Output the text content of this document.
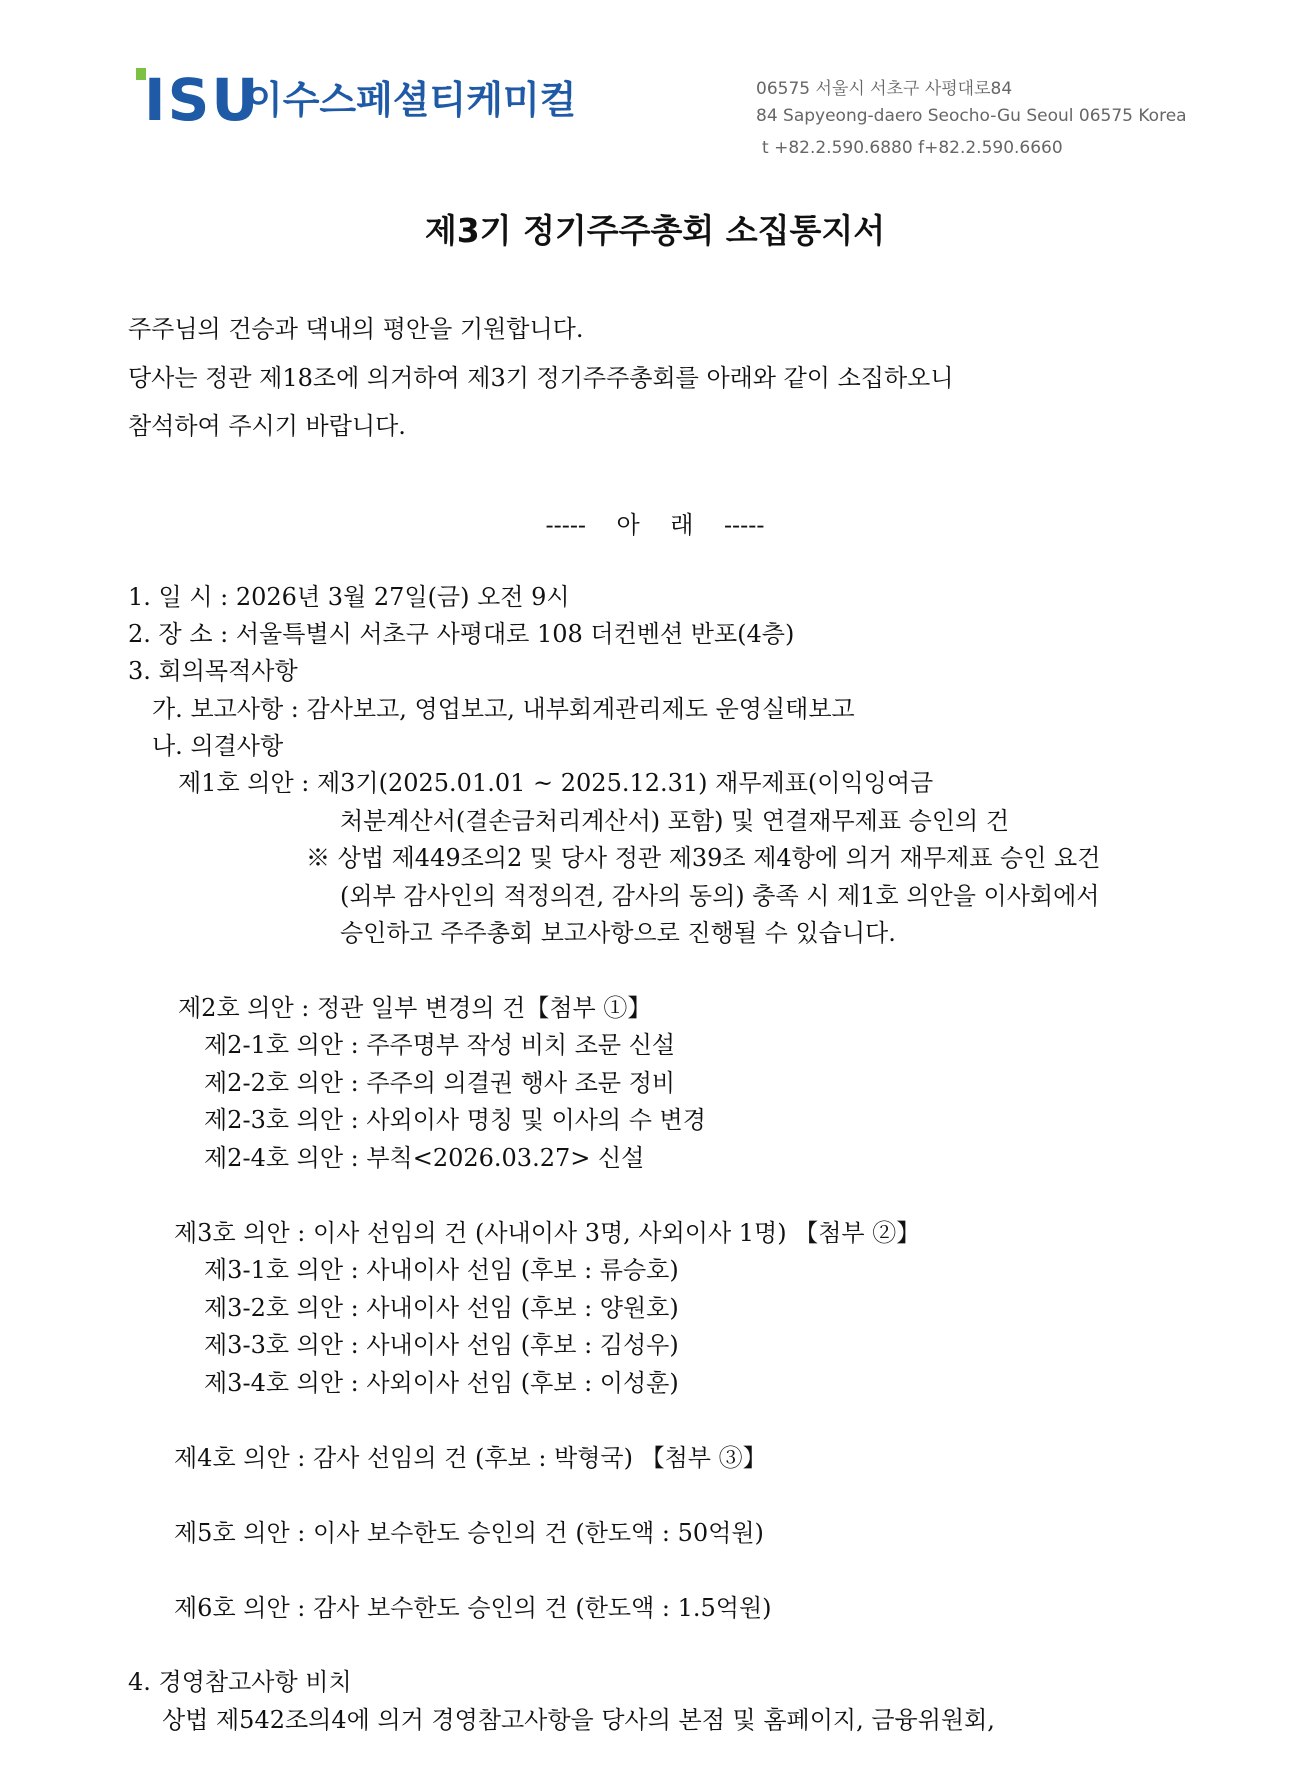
ISU
이수스페셜티케미컬	06575 서울시 서초구 사평대로84
84 Sapyeong-daero Seocho-Gu Seoul 06575 Korea
t +82.2.590.6880 f+82.2.590.6660
제3기 정기주주총회 소집통지서
주주님의 건승과 댁내의 평안을 기원합니다.
당사는 정관 제18조에 의거하여 제3기 정기주주총회를 아래와 같이 소집하오니
참석하여 주시기 바랍니다.
-----    아    래    -----
1. 일 시 : 2026년 3월 27일(금) 오전 9시
2. 장 소 : 서울특별시 서초구 사평대로 108 더컨벤션 반포(4층)
3. 회의목적사항
가. 보고사항 : 감사보고, 영업보고, 내부회계관리제도 운영실태보고
나. 의결사항
제1호 의안 : 제3기(2025.01.01 ~ 2025.12.31) 재무제표(이익잉여금
처분계산서(결손금처리계산서) 포함) 및 연결재무제표 승인의 건
※ 상법 제449조의2 및 당사 정관 제39조 제4항에 의거 재무제표 승인 요건
(외부 감사인의 적정의견, 감사의 동의) 충족 시 제1호 의안을 이사회에서
승인하고 주주총회 보고사항으로 진행될 수 있습니다.
제2호 의안 : 정관 일부 변경의 건【첨부 ①】
제2-1호 의안 : 주주명부 작성 비치 조문 신설
제2-2호 의안 : 주주의 의결권 행사 조문 정비
제2-3호 의안 : 사외이사 명칭 및 이사의 수 변경
제2-4호 의안 : 부칙<2026.03.27> 신설
제3호 의안 : 이사 선임의 건 (사내이사 3명, 사외이사 1명) 【첨부 ②】
제3-1호 의안 : 사내이사 선임 (후보 : 류승호)
제3-2호 의안 : 사내이사 선임 (후보 : 양원호)
제3-3호 의안 : 사내이사 선임 (후보 : 김성우)
제3-4호 의안 : 사외이사 선임 (후보 : 이성훈)
제4호 의안 : 감사 선임의 건 (후보 : 박형국) 【첨부 ③】
제5호 의안 : 이사 보수한도 승인의 건 (한도액 : 50억원)
제6호 의안 : 감사 보수한도 승인의 건 (한도액 : 1.5억원)
4. 경영참고사항 비치
상법 제542조의4에 의거 경영참고사항을 당사의 본점 및 홈페이지, 금융위원회,
